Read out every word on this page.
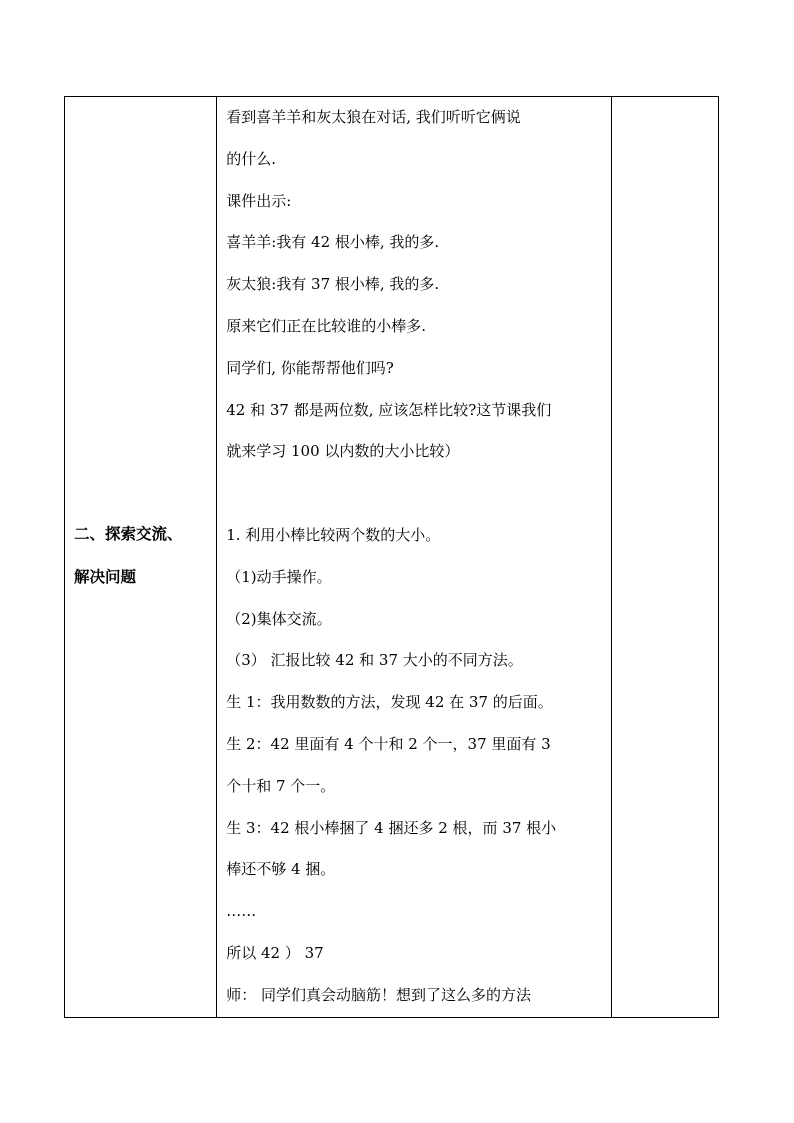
二、探索交流、
解决问题

看到喜羊羊和灰太狼在对话, 我们听听它俩说
的什么.
课件出示:
喜羊羊:我有 42 根小棒, 我的多.
灰太狼:我有 37 根小棒, 我的多.
原来它们正在比较谁的小棒多.
同学们, 你能帮帮他们吗?
42 和 37 都是两位数, 应该怎样比较?这节课我们
就来学习 100 以内数的大小比较）
1. 利用小棒比较两个数的大小。
（1)动手操作。
（2)集体交流。
（3） 汇报比较 42 和 37 大小的不同方法。
生 1：我用数数的方法，发现 42 在 37 的后面。
生 2：42 里面有 4 个十和 2 个一，37 里面有 3
个十和 7 个一。
生 3：42 根小棒捆了 4 捆还多 2 根，而 37 根小
棒还不够 4 捆。
……
所以 42 ） 37
师： 同学们真会动脑筋！想到了这么多的方法
